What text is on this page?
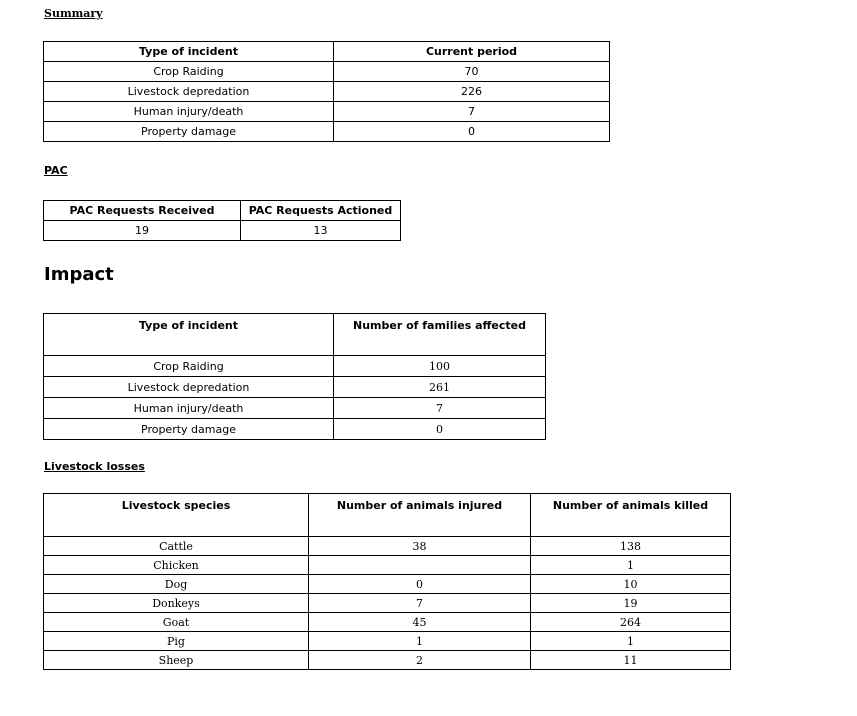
Summary
Type of incident	Current period
Crop Raiding	70
Livestock depredation	226
Human injury/death	7
Property damage	0
PAC
PAC Requests Received	PAC Requests Actioned
19	13
Impact
Type of incident	Number of families affected
Crop Raiding	100
Livestock depredation	261
Human injury/death	7
Property damage	0
Livestock losses
Livestock species	Number of animals injured	Number of animals killed
Cattle	38	138
Chicken		1
Dog	0	10
Donkeys	7	19
Goat	45	264
Pig	1	1
Sheep	2	11
